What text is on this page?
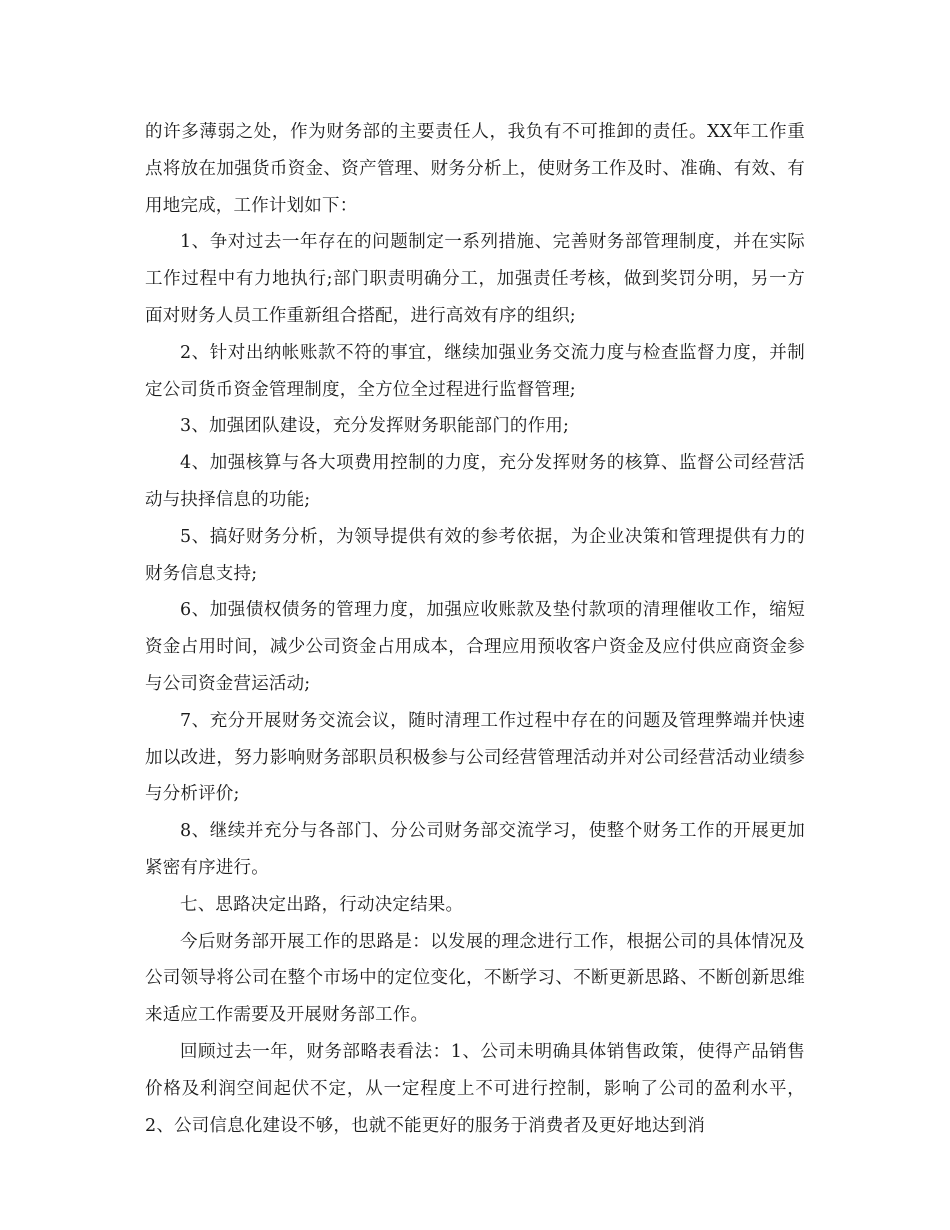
的许多薄弱之处，作为财务部的主要责任人，我负有不可推卸的责任。XX年工作重点将放在加强货币资金、资产管理、财务分析上，使财务工作及时、准确、有效、有用地完成，工作计划如下：

1、争对过去一年存在的问题制定一系列措施、完善财务部管理制度，并在实际工作过程中有力地执行;部门职责明确分工，加强责任考核，做到奖罚分明，另一方面对财务人员工作重新组合搭配，进行高效有序的组织;

2、针对出纳帐账款不符的事宜，继续加强业务交流力度与检查监督力度，并制定公司货币资金管理制度，全方位全过程进行监督管理;

3、加强团队建设，充分发挥财务职能部门的作用;

4、加强核算与各大项费用控制的力度，充分发挥财务的核算、监督公司经营活动与抉择信息的功能;

5、搞好财务分析，为领导提供有效的参考依据，为企业决策和管理提供有力的财务信息支持;

6、加强债权债务的管理力度，加强应收账款及垫付款项的清理催收工作，缩短资金占用时间，减少公司资金占用成本，合理应用预收客户资金及应付供应商资金参与公司资金营运活动;

7、充分开展财务交流会议，随时清理工作过程中存在的问题及管理弊端并快速加以改进，努力影响财务部职员积极参与公司经营管理活动并对公司经营活动业绩参与分析评价;

8、继续并充分与各部门、分公司财务部交流学习，使整个财务工作的开展更加紧密有序进行。

七、思路决定出路，行动决定结果。

今后财务部开展工作的思路是：以发展的理念进行工作，根据公司的具体情况及公司领导将公司在整个市场中的定位变化，不断学习、不断更新思路、不断创新思维来适应工作需要及开展财务部工作。

回顾过去一年，财务部略表看法：1、公司未明确具体销售政策，使得产品销售价格及利润空间起伏不定，从一定程度上不可进行控制，影响了公司的盈利水平，2、公司信息化建设不够，也就不能更好的服务于消费者及更好地达到消
